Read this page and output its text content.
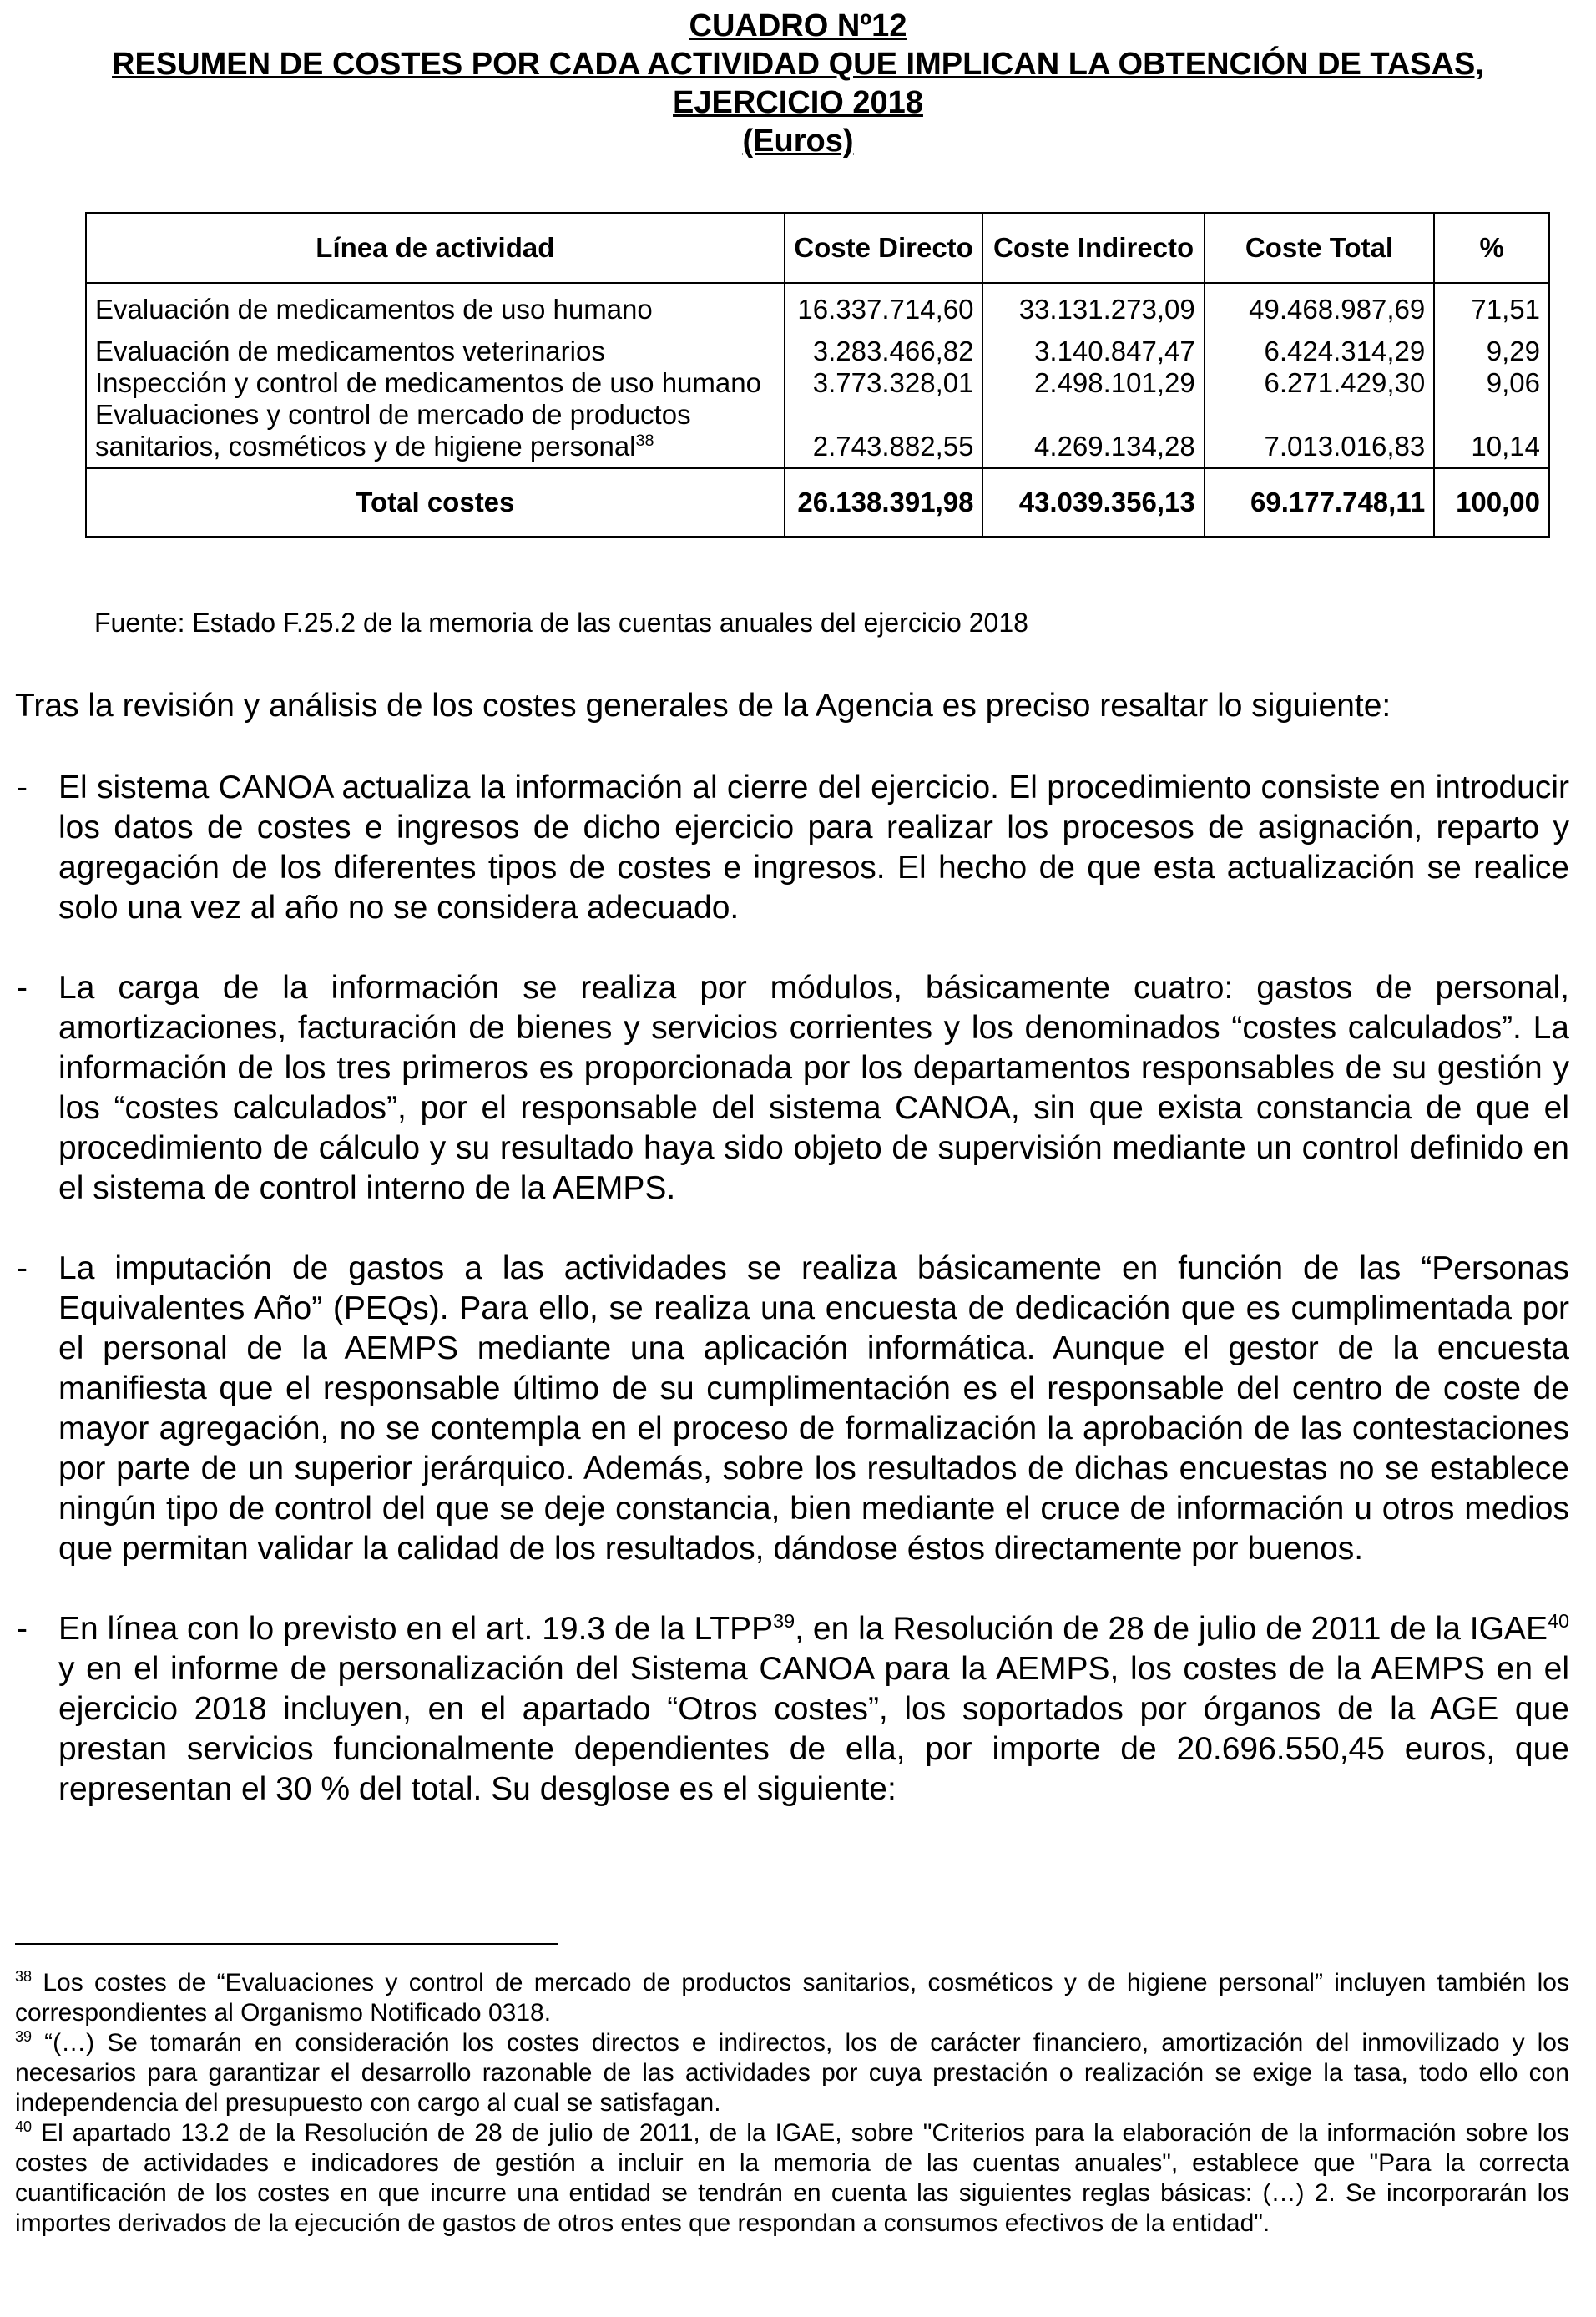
CUADRO Nº12
RESUMEN DE COSTES POR CADA ACTIVIDAD QUE IMPLICAN LA OBTENCIÓN DE TASAS,
EJERCICIO 2018
(Euros)
Línea de actividad	Coste Directo	Coste Indirecto	Coste Total	%
Evaluación de medicamentos de uso humano	16.337.714,60	33.131.273,09	49.468.987,69	71,51
Evaluación de medicamentos veterinarios	3.283.466,82	3.140.847,47	6.424.314,29	9,29
Inspección y control de medicamentos de uso humano	3.773.328,01	2.498.101,29	6.271.429,30	9,06
Evaluaciones y control de mercado de productos sanitarios, cosméticos y de higiene personal$^{38}$	2.743.882,55	4.269.134,28	7.013.016,83	10,14
Total costes	26.138.391,98	43.039.356,13	69.177.748,11	100,00
Fuente: Estado F.25.2 de la memoria de las cuentas anuales del ejercicio 2018
Tras la revisión y análisis de los costes generales de la Agencia es preciso resaltar lo siguiente:
- El sistema CANOA actualiza la información al cierre del ejercicio. El procedimiento consiste en introducir los datos de costes e ingresos de dicho ejercicio para realizar los procesos de asignación, reparto y agregación de los diferentes tipos de costes e ingresos. El hecho de que esta actualización se realice solo una vez al año no se considera adecuado.
- La carga de la información se realiza por módulos, básicamente cuatro: gastos de personal, amortizaciones, facturación de bienes y servicios corrientes y los denominados “costes calculados”. La información de los tres primeros es proporcionada por los departamentos responsables de su gestión y los “costes calculados”, por el responsable del sistema CANOA, sin que exista constancia de que el procedimiento de cálculo y su resultado haya sido objeto de supervisión mediante un control definido en el sistema de control interno de la AEMPS.
- La imputación de gastos a las actividades se realiza básicamente en función de las “Personas Equivalentes Año” (PEQs). Para ello, se realiza una encuesta de dedicación que es cumplimentada por el personal de la AEMPS mediante una aplicación informática. Aunque el gestor de la encuesta manifiesta que el responsable último de su cumplimentación es el responsable del centro de coste de mayor agregación, no se contempla en el proceso de formalización la aprobación de las contestaciones por parte de un superior jerárquico. Además, sobre los resultados de dichas encuestas no se establece ningún tipo de control del que se deje constancia, bien mediante el cruce de información u otros medios que permitan validar la calidad de los resultados, dándose éstos directamente por buenos.
- En línea con lo previsto en el art. 19.3 de la LTPP$^{39}$, en la Resolución de 28 de julio de 2011 de la IGAE$^{40}$ y en el informe de personalización del Sistema CANOA para la AEMPS, los costes de la AEMPS en el ejercicio 2018 incluyen, en el apartado “Otros costes”, los soportados por órganos de la AGE que prestan servicios funcionalmente dependientes de ella, por importe de 20.696.550,45 euros, que representan el 30 % del total. Su desglose es el siguiente:

$^{38}$ Los costes de “Evaluaciones y control de mercado de productos sanitarios, cosméticos y de higiene personal” incluyen también los correspondientes al Organismo Notificado 0318.

$^{39}$ “(…) Se tomarán en consideración los costes directos e indirectos, los de carácter financiero, amortización del inmovilizado y los necesarios para garantizar el desarrollo razonable de las actividades por cuya prestación o realización se exige la tasa, todo ello con independencia del presupuesto con cargo al cual se satisfagan.

$^{40}$ El apartado 13.2 de la Resolución de 28 de julio de 2011, de la IGAE, sobre "Criterios para la elaboración de la información sobre los costes de actividades e indicadores de gestión a incluir en la memoria de las cuentas anuales", establece que "Para la correcta cuantificación de los costes en que incurre una entidad se tendrán en cuenta las siguientes reglas básicas: (…) 2. Se incorporarán los importes derivados de la ejecución de gastos de otros entes que respondan a consumos efectivos de la entidad".
